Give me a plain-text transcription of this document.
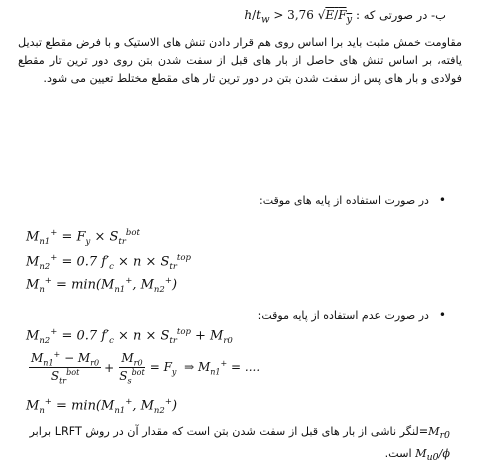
ب- در صورتی که $h/t_w > 3,76$ $√E/F_y$ :
مقاومت خمش مثبت باید برا اساس روی هم قرار دادن تنش های الاستیک و با فرض مقطع تبدیل یافته، بر اساس تنش های حاصل از بار های قبل از سفت شدن بتن روی دور ترین تار مقطع فولادی و بار های پس از سفت شدن بتن در دور ترین تار های مقطع مختلط تعیین می شود.
• در صورت استفاده از پایه های موقت:
$M_{n1}^+ = F_y \times S_{tr}^{bot}$
$M_{n2}^+ = 0.7$ $f'_c \times n \times S_{tr}^{top}$
$M_n^+ = \min(M_{n1}^+$, $M_{n2}^+$)
• در صورت عدم استفاده از پایه موقت:
$M_{n2}^+ = 0.7$ $f'_c \times n \times S_{tr}^{top} + M_{r0}$
$\frac{M_{n1}^+ - M_{r0}}{S_{tr}^{bot}} + \frac{M_{r0}}{S_s^{bot}} = F_y$  ⇒ $M_{n1}^+$ = ....
$M_n^+ = \min(M_{n1}^+$, $M_{n2}^+$)
$M_{r0}=لنگر$ ناشی از بار های قبل از سفت شدن بتن است که مقدار آن در روش LRFT برابر $M_{u0}/\phi$ است.
